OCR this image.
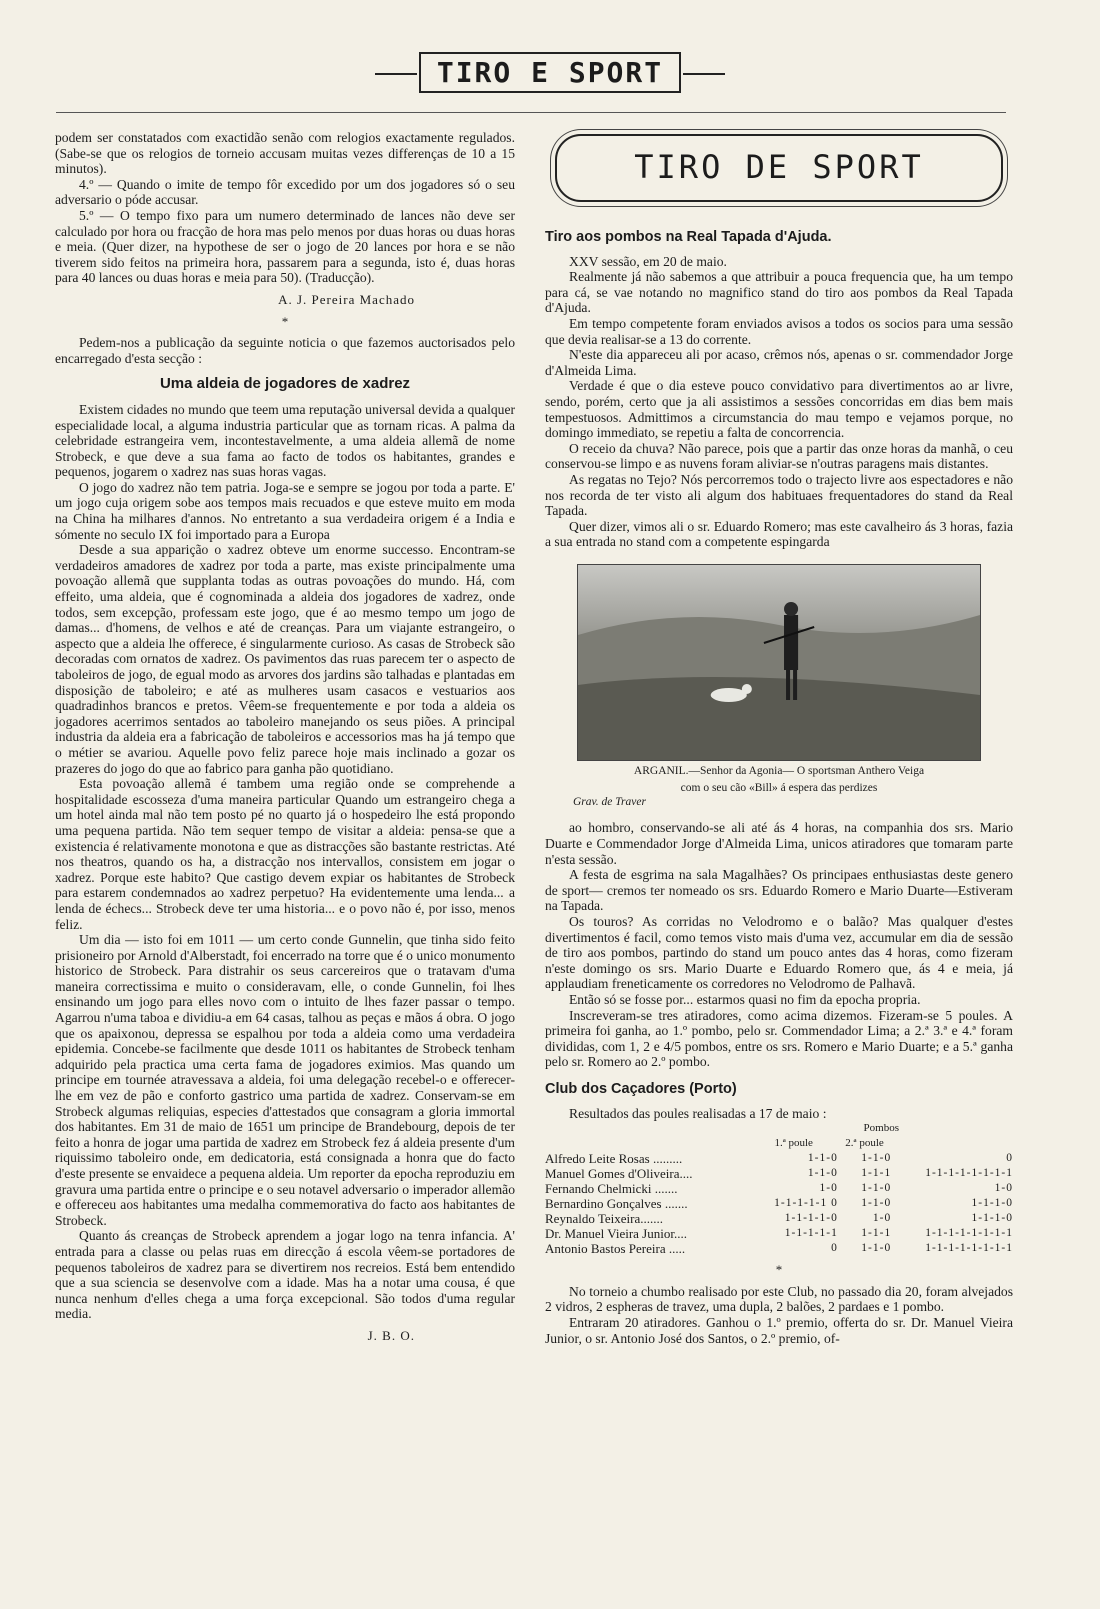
TIRO E SPORT

podem ser constatados com exactidão senão com relogios exactamente regulados. (Sabe-se que os relogios de torneio accusam muitas vezes differenças de 10 a 15 minutos).

4.º — Quando o imite de tempo fôr excedido por um dos jogadores só o seu adversario o póde accusar.

5.º — O tempo fixo para um numero determinado de lances não deve ser calculado por hora ou fracção de hora mas pelo menos por duas horas ou duas horas e meia. (Quer dizer, na hypothese de ser o jogo de 20 lances por hora e se não tiverem sido feitos na primeira hora, passarem para a segunda, isto é, duas horas para 40 lances ou duas horas e meia para 50). (Traducção).

A. J. Pereira Machado
*

Pedem-nos a publicação da seguinte noticia o que fazemos auctorisados pelo encarregado d'esta secção :

Uma aldeia de jogadores de xadrez

Existem cidades no mundo que teem uma reputação universal devida a qualquer especialidade local, a alguma industria particular que as tornam ricas. A palma da celebridade estrangeira vem, incontestavelmente, a uma aldeia allemã de nome Strobeck, e que deve a sua fama ao facto de todos os habitantes, grandes e pequenos, jogarem o xadrez nas suas horas vagas.

O jogo do xadrez não tem patria. Joga-se e sempre se jogou por toda a parte. E' um jogo cuja origem sobe aos tempos mais recuados e que esteve muito em moda na China ha milhares d'annos. No entretanto a sua verdadeira origem é a India e sómente no seculo IX foi importado para a Europa

Desde a sua apparição o xadrez obteve um enorme successo. Encontram-se verdadeiros amadores de xadrez por toda a parte, mas existe principalmente uma povoação allemã que supplanta todas as outras povoações do mundo. Há, com effeito, uma aldeia, que é cognominada a aldeia dos jogadores de xadrez, onde todos, sem excepção, professam este jogo, que é ao mesmo tempo um jogo de damas... d'homens, de velhos e até de creanças. Para um viajante estrangeiro, o aspecto que a aldeia lhe offerece, é singularmente curioso. As casas de Strobeck são decoradas com ornatos de xadrez. Os pavimentos das ruas parecem ter o aspecto de taboleiros de jogo, de egual modo as arvores dos jardins são talhadas e plantadas em disposição de taboleiro; e até as mulheres usam casacos e vestuarios aos quadradinhos brancos e pretos. Vêem-se frequentemente e por toda a aldeia os jogadores acerrimos sentados ao taboleiro manejando os seus piões. A principal industria da aldeia era a fabricação de taboleiros e accessorios mas ha já tempo que o métier se avariou. Aquelle povo feliz parece hoje mais inclinado a gozar os prazeres do jogo do que ao fabrico para ganha pão quotidiano.

Esta povoação allemã é tambem uma região onde se comprehende a hospitalidade escosseza d'uma maneira particular Quando um estrangeiro chega a um hotel ainda mal não tem posto pé no quarto já o hospedeiro lhe está propondo uma pequena partida. Não tem sequer tempo de visitar a aldeia: pensa-se que a existencia é relativamente monotona e que as distracções são bastante restrictas. Até nos theatros, quando os ha, a distracção nos intervallos, consistem em jogar o xadrez. Porque este habito? Que castigo devem expiar os habitantes de Strobeck para estarem condemnados ao xadrez perpetuo? Ha evidentemente uma lenda... a lenda de échecs... Strobeck deve ter uma historia... e o povo não é, por isso, menos feliz.

Um dia — isto foi em 1011 — um certo conde Gunnelin, que tinha sido feito prisioneiro por Arnold d'Alberstadt, foi encerrado na torre que é o unico monumento historico de Strobeck. Para distrahir os seus carcereiros que o tratavam d'uma maneira correctissima e muito o consideravam, elle, o conde Gunnelin, foi lhes ensinando um jogo para elles novo com o intuito de lhes fazer passar o tempo. Agarrou n'uma taboa e dividiu-a em 64 casas, talhou as peças e mãos á obra. O jogo que os apaixonou, depressa se espalhou por toda a aldeia como uma verdadeira epidemia. Concebe-se facilmente que desde 1011 os habitantes de Strobeck tenham adquirido pela practica uma certa fama de jogadores eximios. Mas quando um principe em tournée atravessava a aldeia, foi uma delegação recebel-o e offerecer-lhe em vez de pão e conforto gastrico uma partida de xadrez. Conservam-se em Strobeck algumas reliquias, especies d'attestados que consagram a gloria immortal dos habitantes. Em 31 de maio de 1651 um principe de Brandebourg, depois de ter feito a honra de jogar uma partida de xadrez em Strobeck fez á aldeia presente d'um riquissimo taboleiro onde, em dedicatoria, está consignada a honra que do facto d'este presente se envaidece a pequena aldeia. Um reporter da epocha reproduziu em gravura uma partida entre o principe e o seu notavel adversario o imperador allemão e offereceu aos habitantes uma medalha commemorativa do facto aos habitantes de Strobeck.

Quanto ás creanças de Strobeck aprendem a jogar logo na tenra infancia. A' entrada para a classe ou pelas ruas em direcção á escola vêem-se portadores de pequenos taboleiros de xadrez para se divertirem nos recreios. Está bem entendido que a sua sciencia se desenvolve com a idade. Mas ha a notar uma cousa, é que nunca nenhum d'elles chega a uma força excepcional. São todos d'uma regular media.

J. B. O.
TIRO DE SPORT
Tiro aos pombos na Real Tapada d'Ajuda.

XXV sessão, em 20 de maio.

Realmente já não sabemos a que attribuir a pouca frequencia que, ha um tempo para cá, se vae notando no magnifico stand do tiro aos pombos da Real Tapada d'Ajuda.

Em tempo competente foram enviados avisos a todos os socios para uma sessão que devia realisar-se a 13 do corrente.

N'este dia appareceu ali por acaso, crêmos nós, apenas o sr. commendador Jorge d'Almeida Lima.

Verdade é que o dia esteve pouco convidativo para divertimentos ao ar livre, sendo, porém, certo que ja ali assistimos a sessões concorridas em dias bem mais tempestuosos. Admittimos a circumstancia do mau tempo e vejamos porque, no domingo immediato, se repetiu a falta de concorrencia.

O receio da chuva? Não parece, pois que a partir das onze horas da manhã, o ceu conservou-se limpo e as nuvens foram aliviar-se n'outras paragens mais distantes.

As regatas no Tejo? Nós percorremos todo o trajecto livre aos espectadores e não nos recorda de ter visto ali algum dos habituaes frequentadores do stand da Real Tapada.

Quer dizer, vimos ali o sr. Eduardo Romero; mas este cavalheiro ás 3 horas, fazia a sua entrada no stand com a competente espingarda

ARGANIL.—Senhor da Agonia— O sportsman Anthero Veiga
com o seu cão «Bill» á espera das perdizes
Grav. de Traver

ao hombro, conservando-se ali até ás 4 horas, na companhia dos srs. Mario Duarte e Commendador Jorge d'Almeida Lima, unicos atiradores que tomaram parte n'esta sessão.

A festa de esgrima na sala Magalhães? Os principaes enthusiastas deste genero de sport— cremos ter nomeado os srs. Eduardo Romero e Mario Duarte—Estiveram na Tapada.

Os touros? As corridas no Velodromo e o balão? Mas qualquer d'estes divertimentos é facil, como temos visto mais d'uma vez, accumular em dia de sessão de tiro aos pombos, partindo do stand um pouco antes das 4 horas, como fizeram n'este domingo os srs. Mario Duarte e Eduardo Romero que, ás 4 e meia, já applaudiam freneticamente os corredores no Velodromo de Palhavã.

Então só se fosse por... estarmos quasi no fim da epocha propria.

Inscreveram-se tres atiradores, como acima dizemos. Fizeram-se 5 poules. A primeira foi ganha, ao 1.º pombo, pelo sr. Commendador Lima; a 2.ª 3.ª e 4.ª foram divididas, com 1, 2 e 4/5 pombos, entre os srs. Romero e Mario Duarte; e a 5.ª ganha pelo sr. Romero ao 2.º pombo.

Club dos Caçadores (Porto)

Resultados das poules realisadas a 17 de maio :

	Pombos		
	1.ª poule	2.ª poule	
Alfredo Leite Rosas .........	1-1-0	1-1-0	0
Manuel Gomes d'Oliveira....	1-1-0	1-1-1	1-1-1-1-1-1-1-1
Fernando Chelmicki .......	1-0	1-1-0	1-0
Bernardino Gonçalves .......	1-1-1-1-1 0	1-1-0	1-1-1-0
Reynaldo Teixeira.......	1-1-1-1-0	1-0	1-1-1-0
Dr. Manuel Vieira Junior....	1-1-1-1-1	1-1-1	1-1-1-1-1-1-1-1
Antonio Bastos Pereira .....	0	1-1-0	1-1-1-1-1-1-1-1
*

No torneio a chumbo realisado por este Club, no passado dia 20, foram alvejados 2 vidros, 2 espheras de travez, uma dupla, 2 balões, 2 pardaes e 1 pombo.

Entraram 20 atiradores. Ganhou o 1.º premio, offerta do sr. Dr. Manuel Vieira Junior, o sr. Antonio José dos Santos, o 2.º premio, of-
